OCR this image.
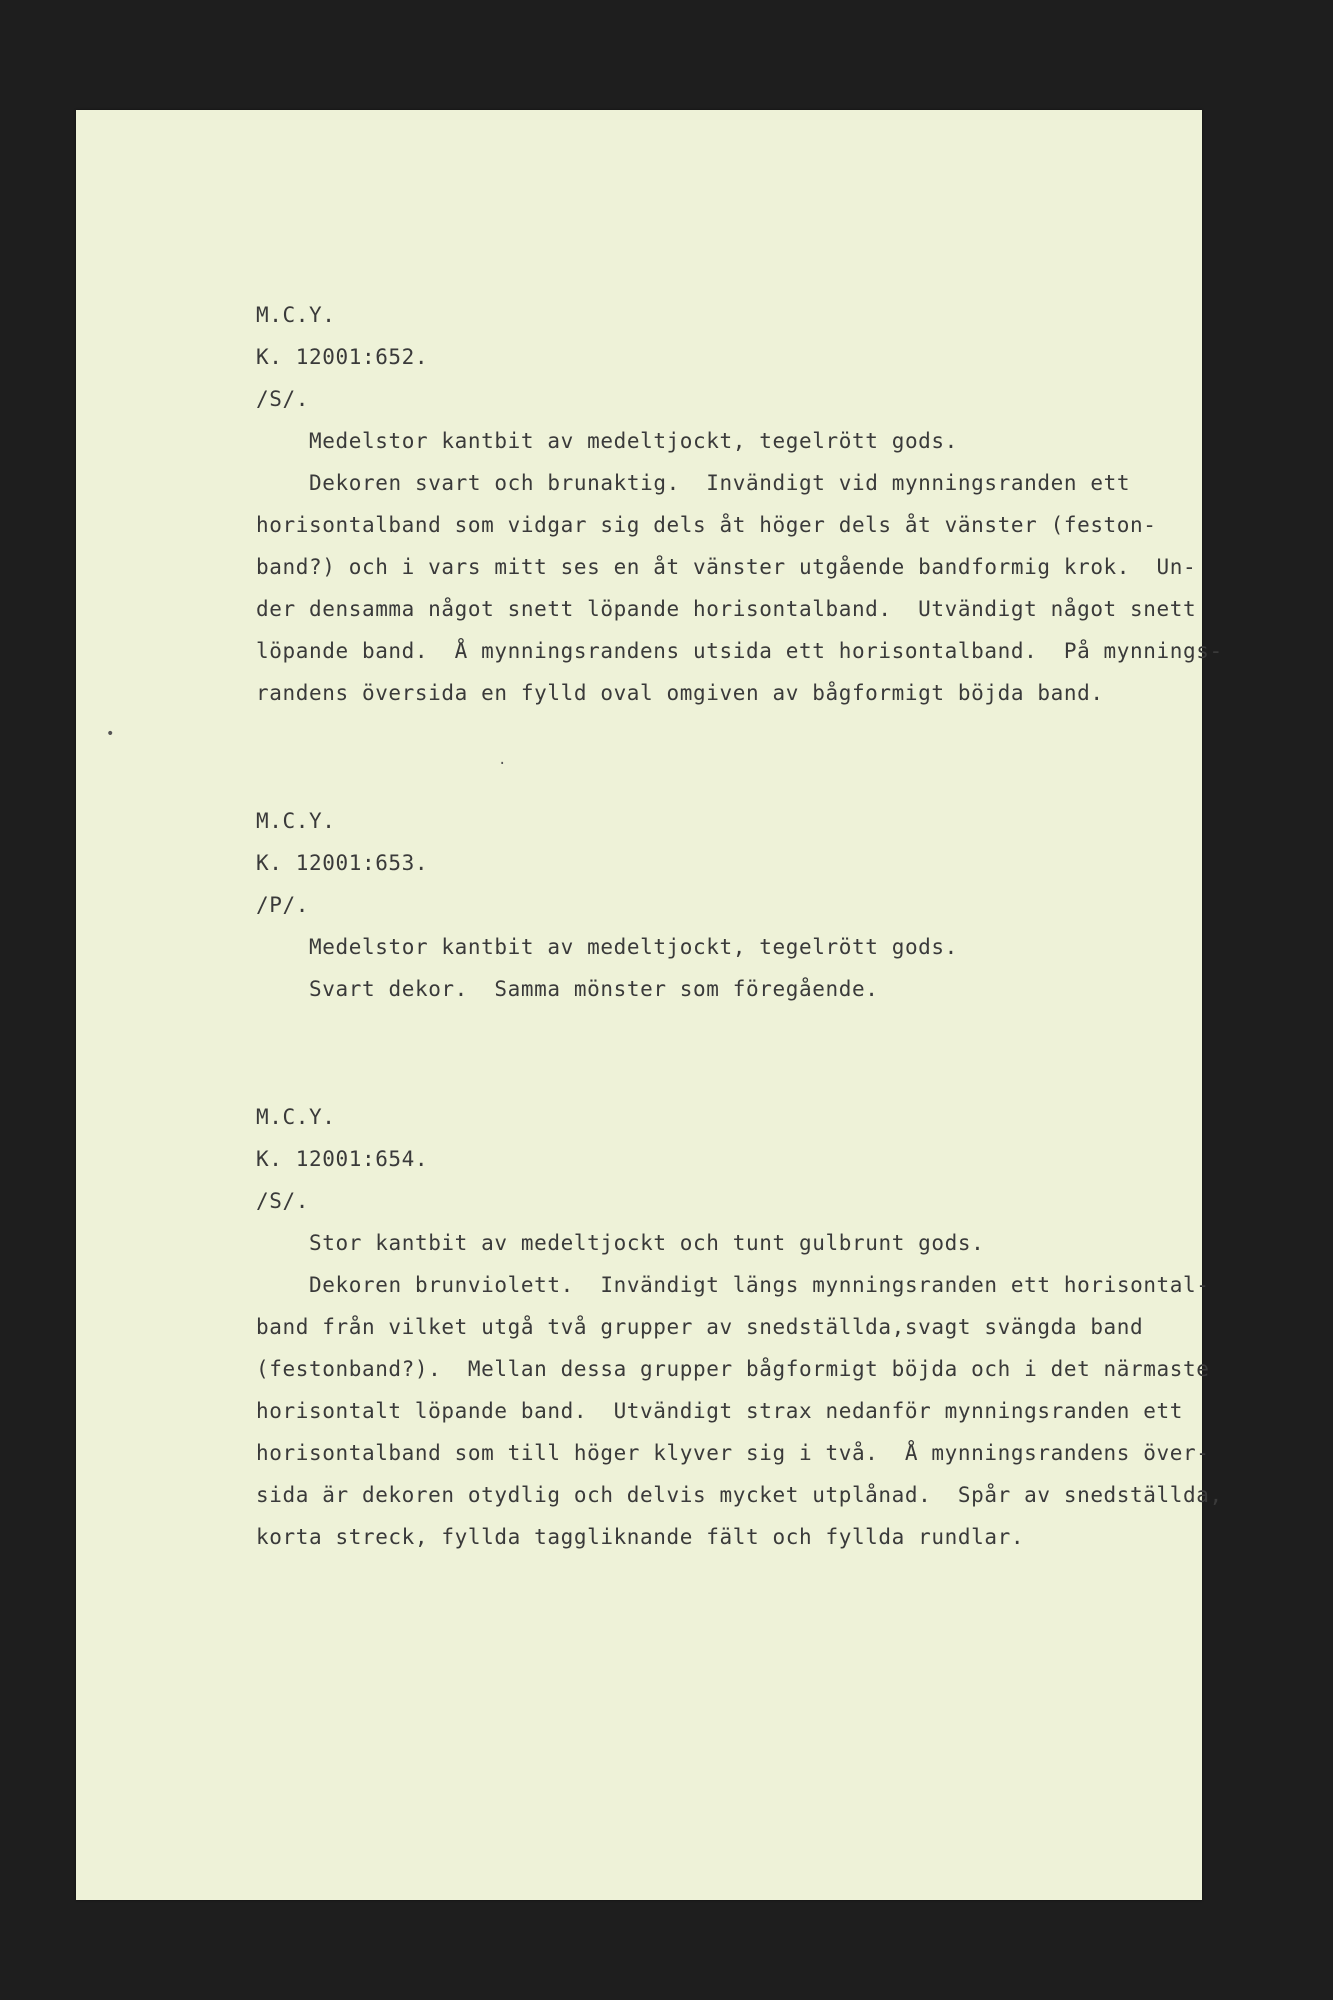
M.C.Y.
K. 12001:652.
/S/.
Medelstor kantbit av medeltjockt, tegelrött gods.
Dekoren svart och brunaktig.  Invändigt vid mynningsranden ett
horisontalband som vidgar sig dels åt höger dels åt vänster (feston-
band?) och i vars mitt ses en åt vänster utgående bandformig krok.  Un-
der densamma något snett löpande horisontalband.  Utvändigt något snett
löpande band.  Å mynningsrandens utsida ett horisontalband.  På mynnings-
randens översida en fylld oval omgiven av bågformigt böjda band.
M.C.Y.
K. 12001:653.
/P/.
Medelstor kantbit av medeltjockt, tegelrött gods.
Svart dekor.  Samma mönster som föregående.
M.C.Y.
K. 12001:654.
/S/.
Stor kantbit av medeltjockt och tunt gulbrunt gods.
Dekoren brunviolett.  Invändigt längs mynningsranden ett horisontal-
band från vilket utgå två grupper av snedställda,svagt svängda band
(festonband?).  Mellan dessa grupper bågformigt böjda och i det närmaste
horisontalt löpande band.  Utvändigt strax nedanför mynningsranden ett
horisontalband som till höger klyver sig i två.  Å mynningsrandens över-
sida är dekoren otydlig och delvis mycket utplånad.  Spår av snedställda,
korta streck, fyllda taggliknande fält och fyllda rundlar.
•
·
